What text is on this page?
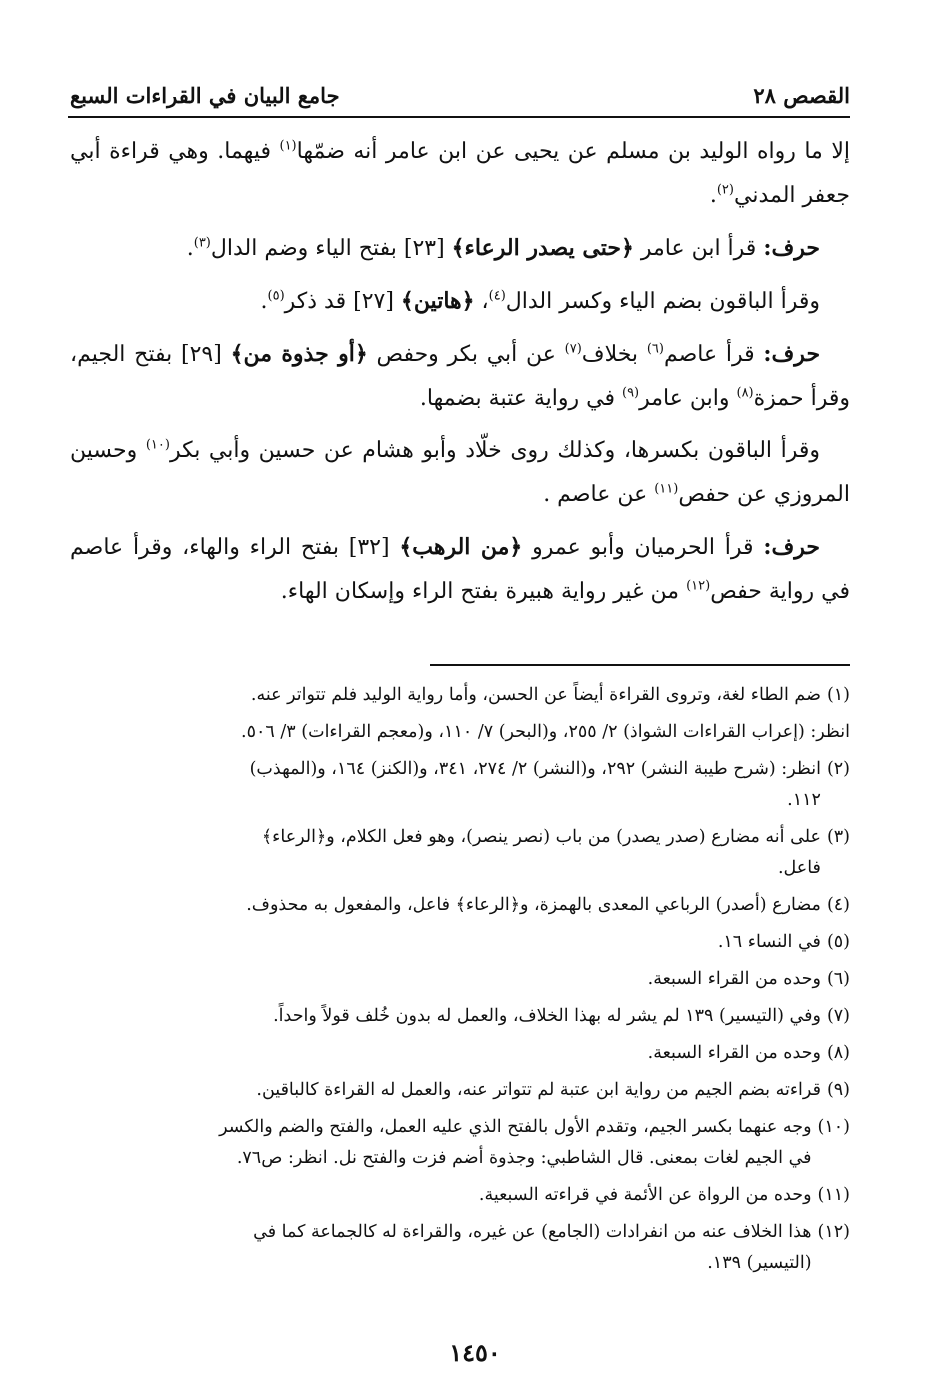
القصص ٢٨
جامع البيان في القراءات السبع

إلا ما رواه الوليد بن مسلم عن يحيى عن ابن عامر أنه ضمّها$^{(١)}$ فيهما. وهي قراءة أبي جعفر المدني$^{(٢)}$.

حرف: قرأ ابن عامر ﴿حتى يصدر الرعاء﴾ [٢٣] بفتح الياء وضم الدال$^{(٣)}$.

وقرأ الباقون بضم الياء وكسر الدال$^{(٤)}$، ﴿هاتين﴾ [٢٧] قد ذكر$^{(٥)}$.

حرف: قرأ عاصم$^{(٦)}$ بخلاف$^{(٧)}$ عن أبي بكر وحفص ﴿أو جذوة من﴾ [٢٩] بفتح الجيم، وقرأ حمزة$^{(٨)}$ وابن عامر$^{(٩)}$ في رواية عتبة بضمها.

وقرأ الباقون بكسرها، وكذلك روى خلّاد وأبو هشام عن حسين وأبي بكر$^{(١٠)}$ وحسين المروزي عن حفص$^{(١١)}$ عن عاصم .

حرف: قرأ الحرميان وأبو عمرو ﴿من الرهب﴾ [٣٢] بفتح الراء والهاء، وقرأ عاصم في رواية حفص$^{(١٢)}$ من غير رواية هبيرة بفتح الراء وإسكان الهاء.

(١)
ضم الطاء لغة، وتروى القراءة أيضاً عن الحسن، وأما رواية الوليد فلم تتواتر عنه.
انظر: (إعراب القراءات الشواذ) ٢/ ٢٥٥، و(البحر) ٧/ ١١٠، و(معجم القراءات) ٣/ ٥٠٦.
(٢)
انظر: (شرح طيبة النشر) ٢٩٢، و(النشر) ٢/ ٢٧٤، ٣٤١، و(الكنز) ١٦٤، و(المهذب)
١١٢.
(٣)
على أنه مضارع (صدر يصدر) من باب (نصر ينصر)، وهو فعل الكلام، و﴿الرعاء﴾
فاعل.
(٤)
مضارع (أصدر) الرباعي المعدى بالهمزة، و﴿الرعاء﴾ فاعل، والمفعول به محذوف.
(٥)
في النساء ١٦.
(٦)
وحده من القراء السبعة.
(٧)
وفي (التيسير) ١٣٩ لم يشر له بهذا الخلاف، والعمل له بدون خُلف قولاً واحداً.
(٨)
وحده من القراء السبعة.
(٩)
قراءته بضم الجيم من رواية ابن عتبة لم تتواتر عنه، والعمل له القراءة كالباقين.
(١٠)
وجه عنهما بكسر الجيم، وتقدم الأول بالفتح الذي عليه العمل، والفتح والضم والكسر
في الجيم لغات بمعنى. قال الشاطبي: وجذوة أضم فزت والفتح نل. انظر: ص٧٦.
(١١)
وحده من الرواة عن الأئمة في قراءته السبعية.
(١٢)
هذا الخلاف عنه من انفرادات (الجامع) عن غيره، والقراءة له كالجماعة كما في
(التيسير) ١٣٩.
١٤٥٠
